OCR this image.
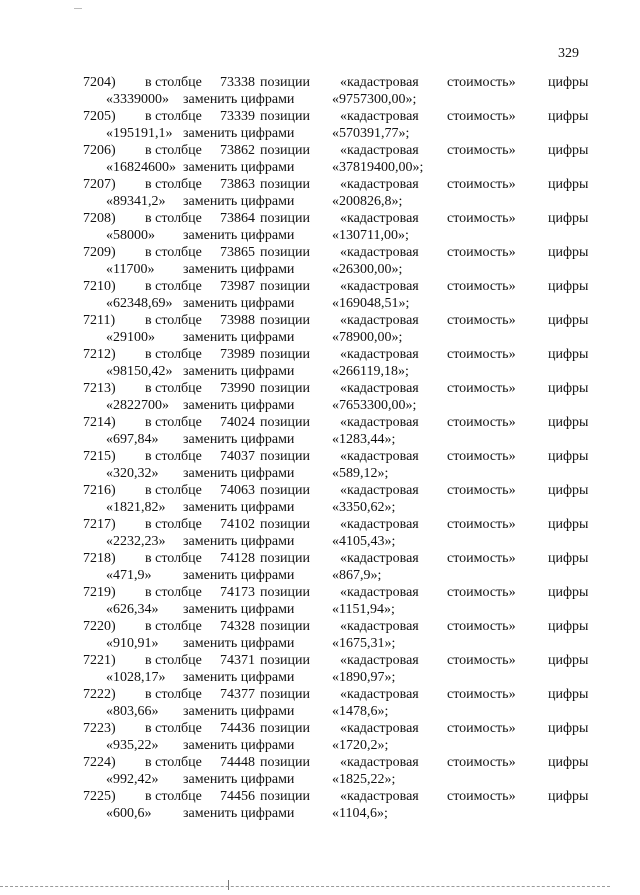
329
7204) в столбце 73338 позиции «кадастровая стоимость» цифры
«3339000» заменить цифрами	«9757300,00»;
7205) в столбце 73339 позиции «кадастровая стоимость» цифры
«195191,1» заменить цифрами	«570391,77»;
7206) в столбце 73862 позиции «кадастровая стоимость» цифры
«16824600» заменить цифрами	«37819400,00»;
7207) в столбце 73863 позиции «кадастровая стоимость» цифры
«89341,2» заменить цифрами	«200826,8»;
7208) в столбце 73864 позиции «кадастровая стоимость» цифры
«58000» заменить цифрами	«130711,00»;
7209) в столбце 73865 позиции «кадастровая стоимость» цифры
«11700» заменить цифрами	«26300,00»;
7210) в столбце 73987 позиции «кадастровая стоимость» цифры
«62348,69» заменить цифрами	«169048,51»;
7211) в столбце 73988 позиции «кадастровая стоимость» цифры
«29100» заменить цифрами	«78900,00»;
7212) в столбце 73989 позиции «кадастровая стоимость» цифры
«98150,42» заменить цифрами	«266119,18»;
7213) в столбце 73990 позиции «кадастровая стоимость» цифры
«2822700» заменить цифрами	«7653300,00»;
7214) в столбце 74024 позиции «кадастровая стоимость» цифры
«697,84» заменить цифрами	«1283,44»;
7215) в столбце 74037 позиции «кадастровая стоимость» цифры
«320,32» заменить цифрами	«589,12»;
7216) в столбце 74063 позиции «кадастровая стоимость» цифры
«1821,82» заменить цифрами	«3350,62»;
7217) в столбце 74102 позиции «кадастровая стоимость» цифры
«2232,23» заменить цифрами	«4105,43»;
7218) в столбце 74128 позиции «кадастровая стоимость» цифры
«471,9» заменить цифрами	«867,9»;
7219) в столбце 74173 позиции «кадастровая стоимость» цифры
«626,34» заменить цифрами	«1151,94»;
7220) в столбце 74328 позиции «кадастровая стоимость» цифры
«910,91» заменить цифрами	«1675,31»;
7221) в столбце 74371 позиции «кадастровая стоимость» цифры
«1028,17» заменить цифрами	«1890,97»;
7222) в столбце 74377 позиции «кадастровая стоимость» цифры
«803,66» заменить цифрами	«1478,6»;
7223) в столбце 74436 позиции «кадастровая стоимость» цифры
«935,22» заменить цифрами	«1720,2»;
7224) в столбце 74448 позиции «кадастровая стоимость» цифры
«992,42» заменить цифрами	«1825,22»;
7225) в столбце 74456 позиции «кадастровая стоимость» цифры
«600,6» заменить цифрами	«1104,6»;
